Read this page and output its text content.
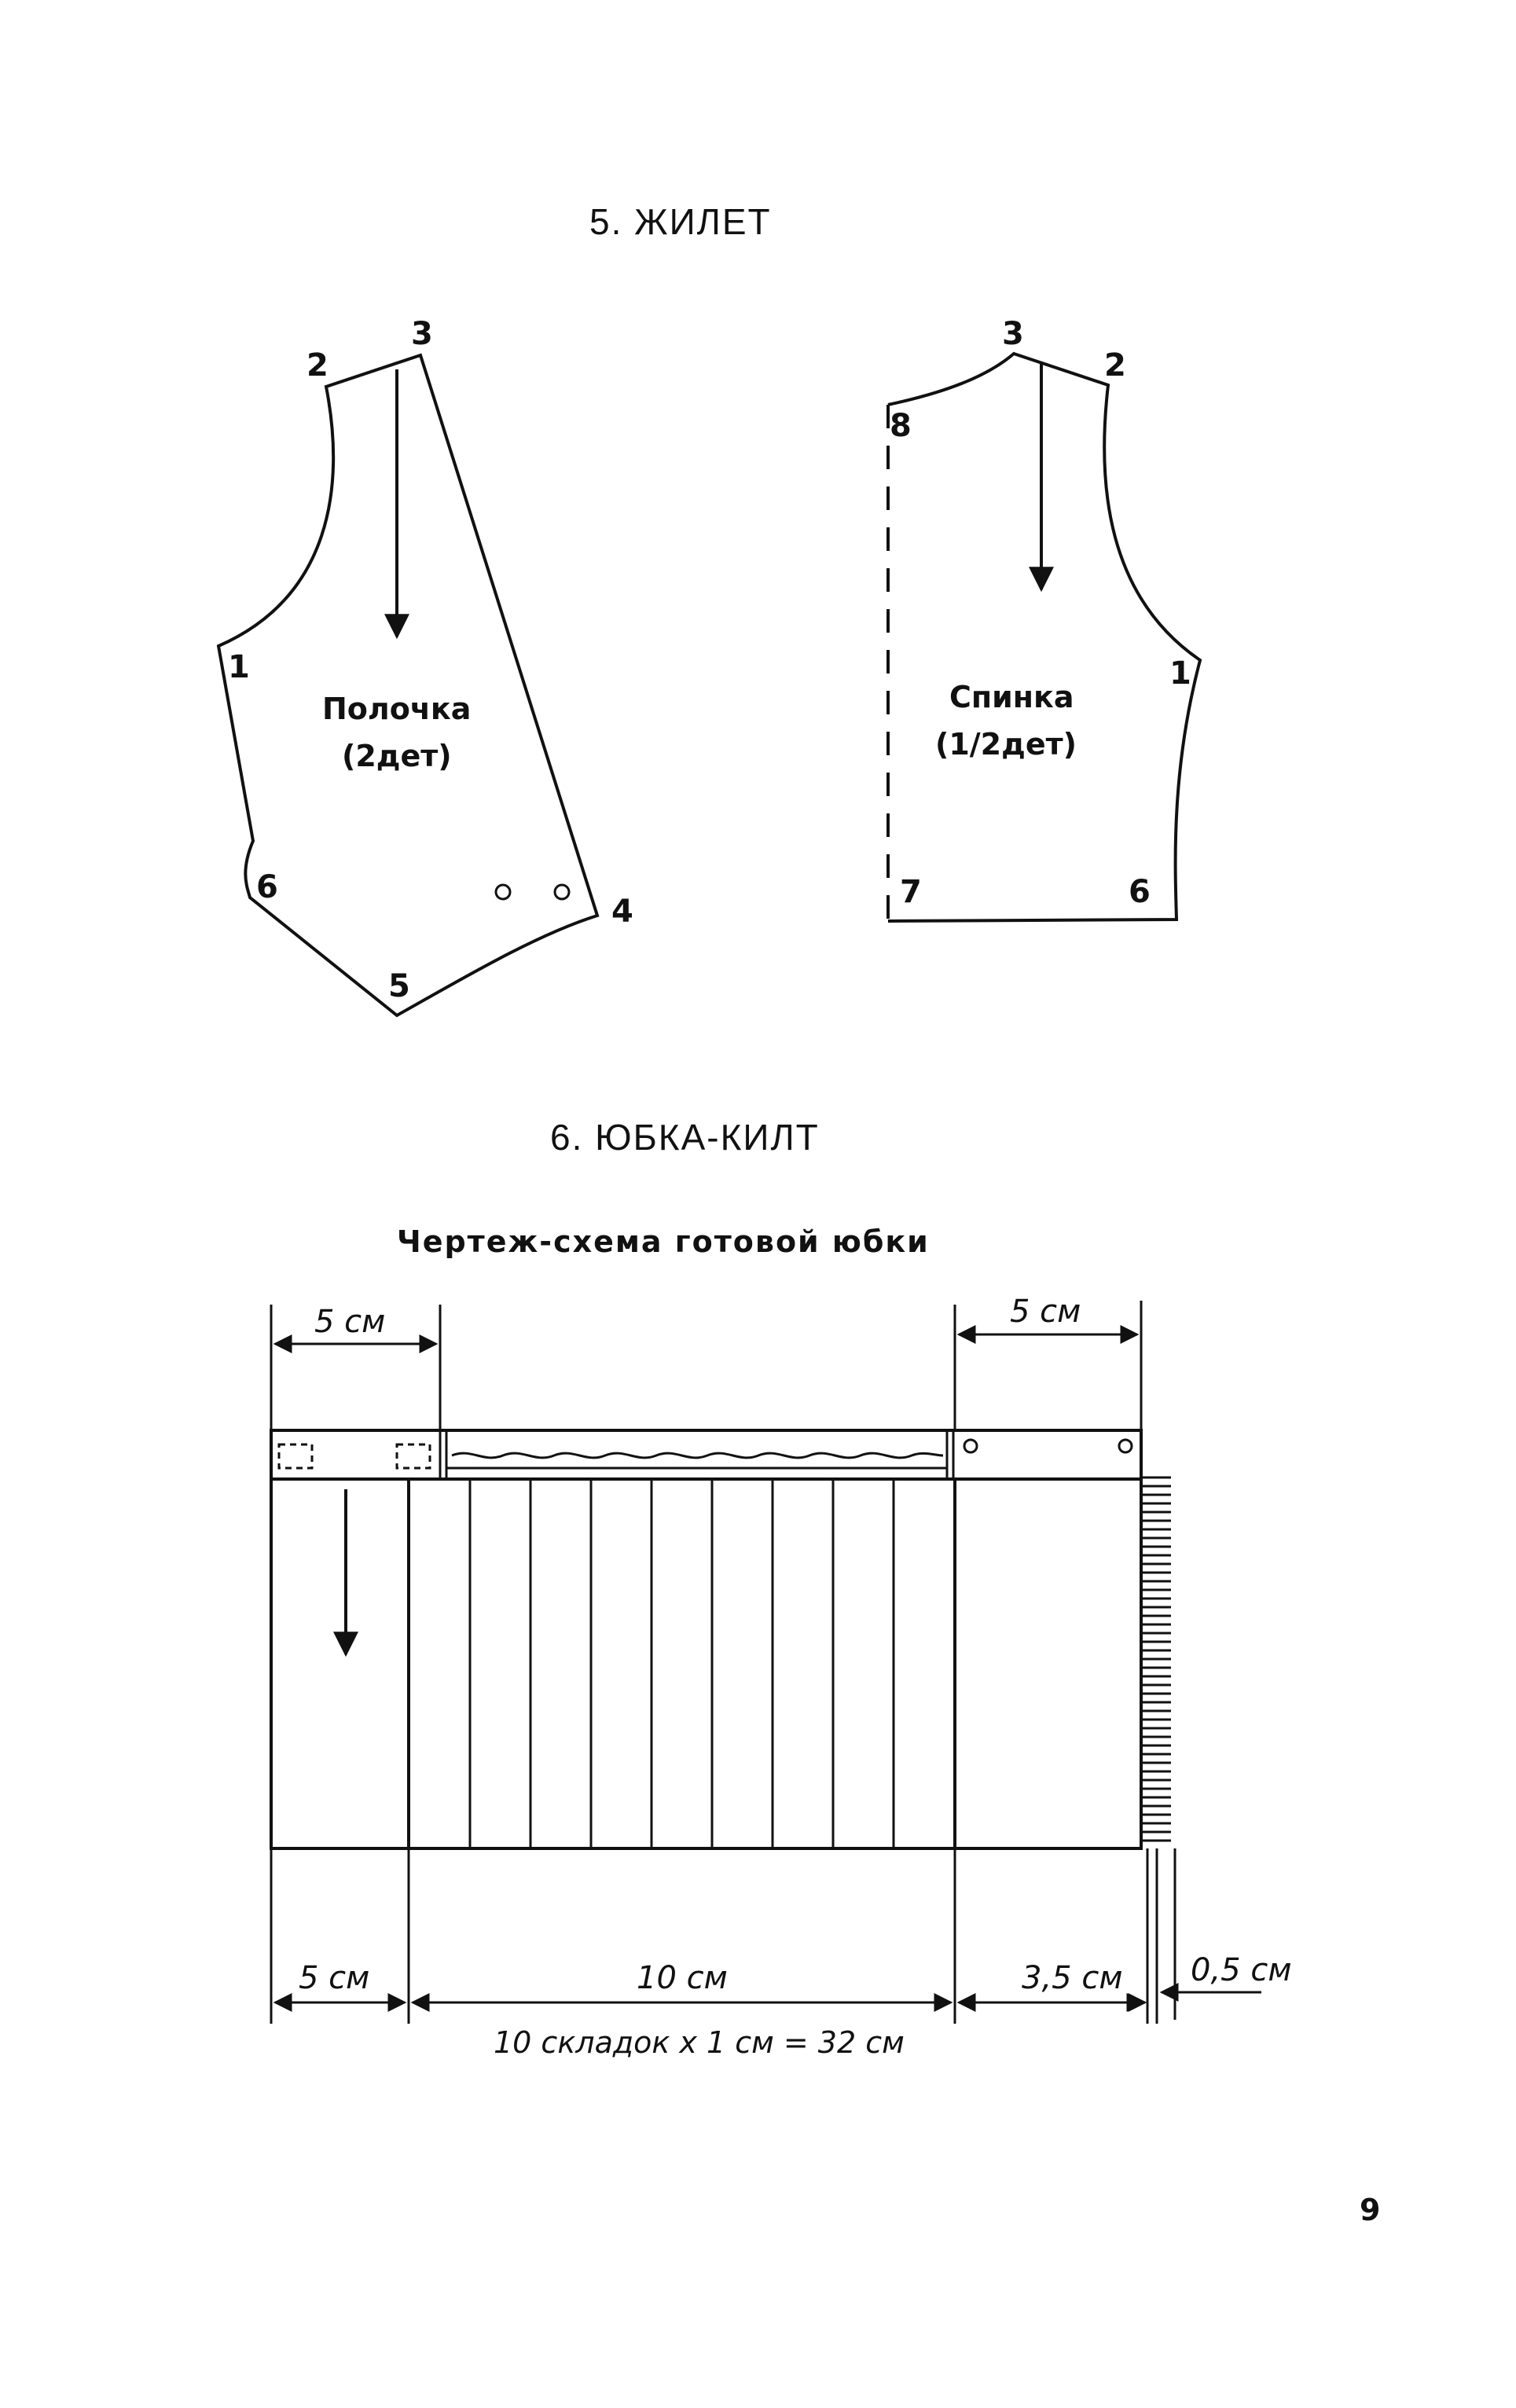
5. ЖИЛЕТ
6. ЮБКА-КИЛТ
Чертеж-схема готовой юбки
9
1
2
3
4
5
6
Полочка
(2дет)
1
2
3
6
7
8
Спинка
(1/2дет)
5 см	5 см
5 см	10 см	3,5 см 0,5 см
10 складок х 1 см = 32 см
